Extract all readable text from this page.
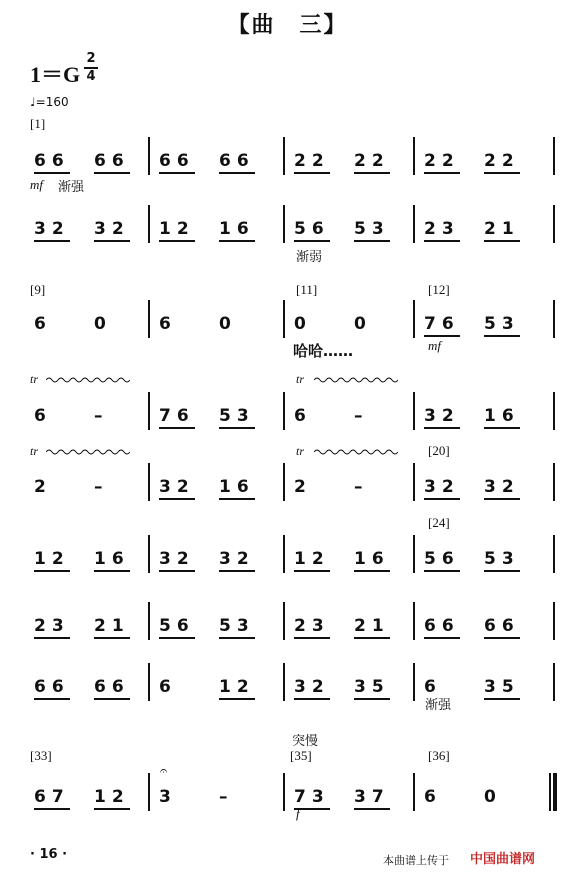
【曲　三】
1＝G
2
4
♩=160
[1]
mf 渐强
渐弱
[9]	[11]	[12]
哈哈……	mf
tr	tr
tr	tr	[20]
[24]
渐强
突慢
[33]	[35]	[36]
𝄐
f
66 66 66 66 22 22 22 22
32 32 12 16 56 53 23 21
6 0	6 0	0 0	76 53
6 –	76 53 6 –	32 16
2 –	32 16 2 –	32 32
12 16 32 32 12 16 56 53
23 21 56 53 23 21 66 66
66 66 6 12 32 35 6 35
67 12 3 –	73 37 6 0
· 16 ·	本曲谱上传于 中国曲谱网
